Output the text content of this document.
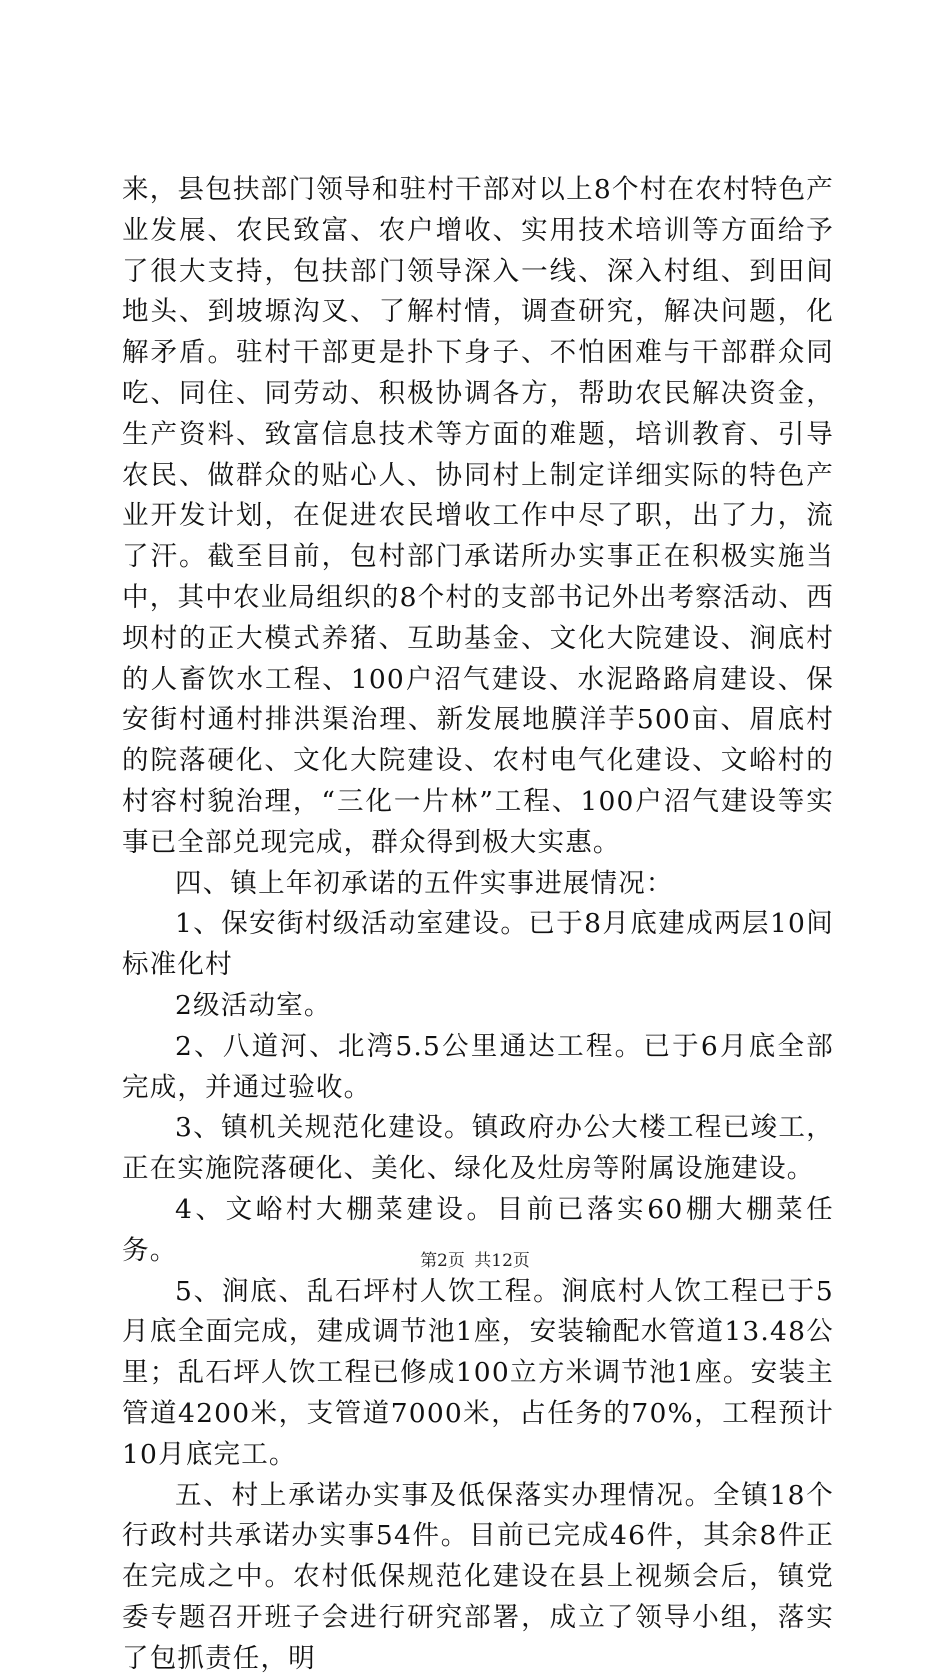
来，县包扶部门领导和驻村干部对以上8个村在农村特色产业发展、农民致富、农户增收、实用技术培训等方面给予了很大支持，包扶部门领导深入一线、深入村组、到田间地头、到坡塬沟叉、了解村情，调查研究，解决问题，化解矛盾。驻村干部更是扑下身子、不怕困难与干部群众同吃、同住、同劳动、积极协调各方，帮助农民解决资金，生产资料、致富信息技术等方面的难题，培训教育、引导农民、做群众的贴心人、协同村上制定详细实际的特色产业开发计划，在促进农民增收工作中尽了职，出了力，流了汗。截至目前，包村部门承诺所办实事正在积极实施当中，其中农业局组织的8个村的支部书记外出考察活动、西坝村的正大模式养猪、互助基金、文化大院建设、涧底村的人畜饮水工程、100户沼气建设、水泥路路肩建设、保安街村通村排洪渠治理、新发展地膜洋芋500亩、眉底村的院落硬化、文化大院建设、农村电气化建设、文峪村的村容村貌治理，“三化一片林”工程、100户沼气建设等实事已全部兑现完成，群众得到极大实惠。

四、镇上年初承诺的五件实事进展情况：

1、保安街村级活动室建设。已于8月底建成两层10间标准化村

2级活动室。

2、八道河、北湾5.5公里通达工程。已于6月底全部完成，并通过验收。

3、镇机关规范化建设。镇政府办公大楼工程已竣工，正在实施院落硬化、美化、绿化及灶房等附属设施建设。

4、文峪村大棚菜建设。目前已落实60棚大棚菜任务。

5、涧底、乱石坪村人饮工程。涧底村人饮工程已于5月底全面完成，建成调节池1座，安装输配水管道13.48公里；乱石坪人饮工程已修成100立方米调节池1座。安装主管道4200米，支管道7000米，占任务的70%，工程预计10月底完工。

五、村上承诺办实事及低保落实办理情况。全镇18个行政村共承诺办实事54件。目前已完成46件，其余8件正在完成之中。农村低保规范化建设在县上视频会后，镇党委专题召开班子会进行研究部署，成立了领导小组，落实了包抓责任，明

第2页 共12页
